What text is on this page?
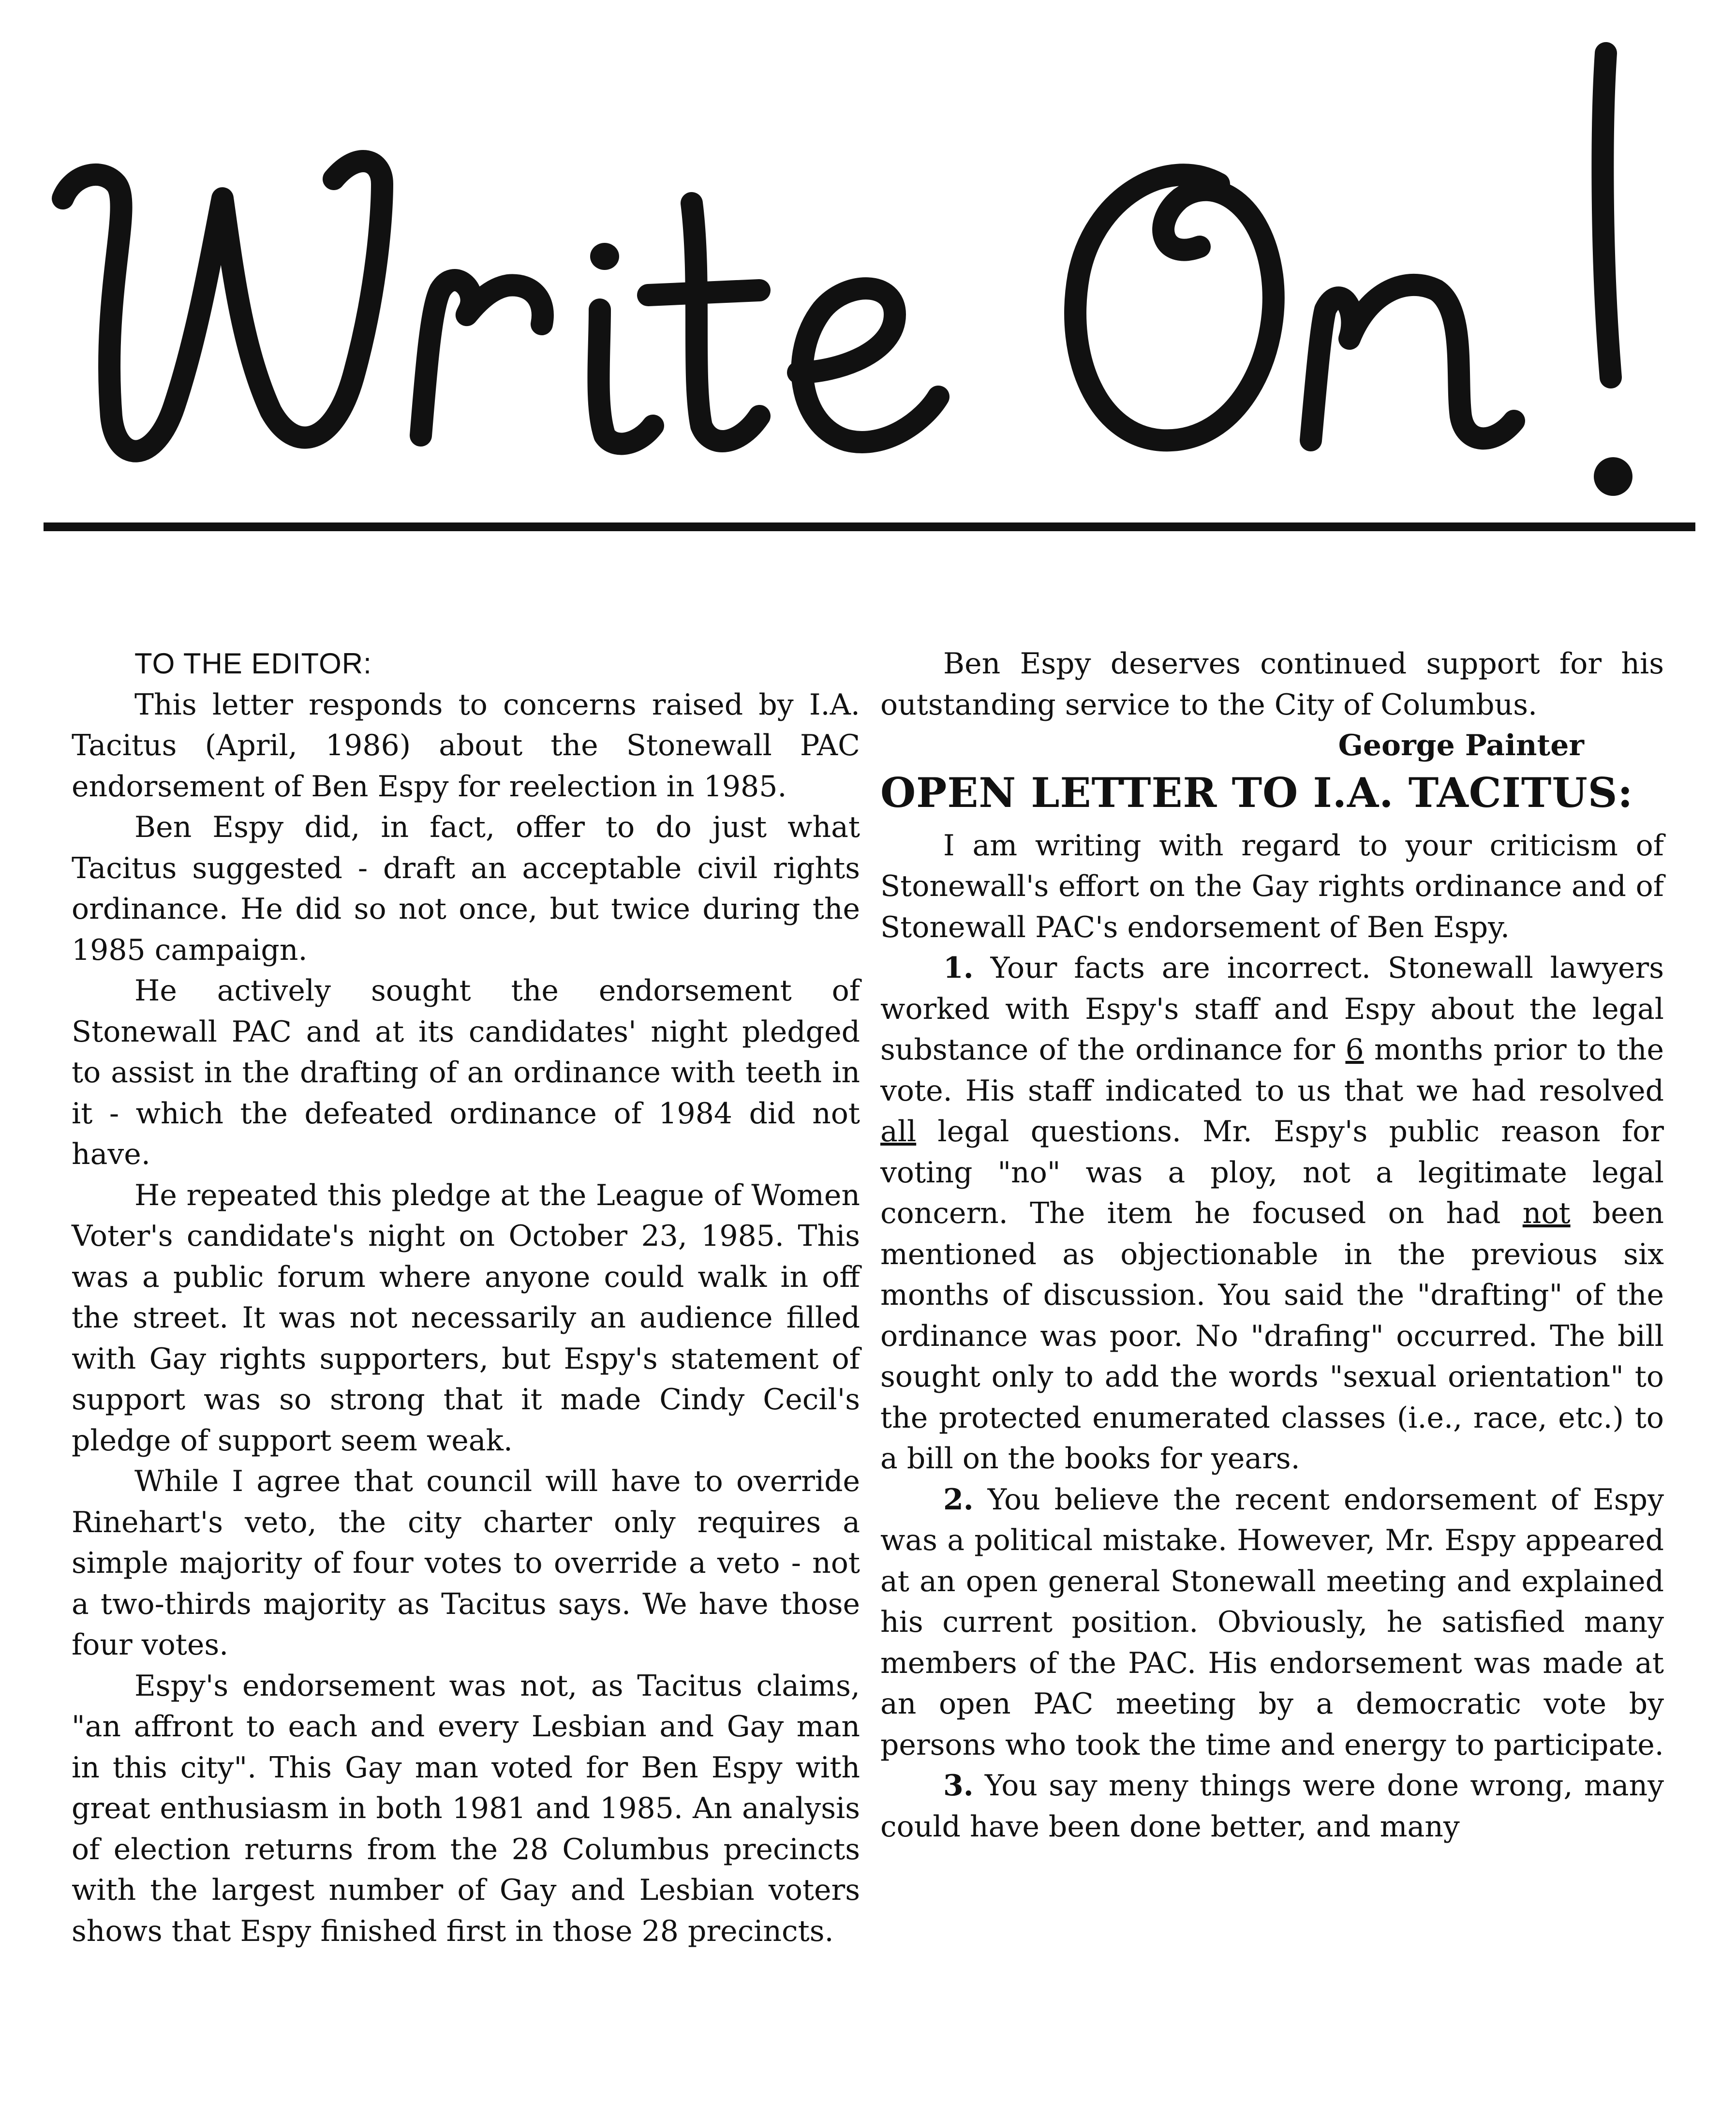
TO THE EDITOR:

This letter responds to concerns raised by I.A. Tacitus (April, 1986) about the Stonewall PAC endorsement of Ben Espy for reelection in 1985.

Ben Espy did, in fact, offer to do just what Tacitus suggested - draft an acceptable civil rights ordinance. He did so not once, but twice during the 1985 campaign.

He actively sought the endorsement of Stonewall PAC and at its candidates' night pledged to assist in the drafting of an ordinance with teeth in it - which the defeated ordinance of 1984 did not have.

He repeated this pledge at the League of Women Voter's candidate's night on October 23, 1985. This was a public forum where anyone could walk in off the street. It was not necessarily an audience filled with Gay rights supporters, but Espy's statement of support was so strong that it made Cindy Cecil's pledge of support seem weak.

While I agree that council will have to override Rinehart's veto, the city charter only requires a simple majority of four votes to override a veto - not a two-thirds majority as Tacitus says. We have those four votes.

Espy's endorsement was not, as Tacitus claims, "an affront to each and every Lesbian and Gay man in this city". This Gay man voted for Ben Espy with great enthusiasm in both 1981 and 1985. An analysis of election returns from the 28 Columbus precincts with the largest number of Gay and Lesbian voters shows that Espy finished first in those 28 precincts.

Ben Espy deserves continued support for his outstanding service to the City of Columbus.

George Painter

OPEN LETTER TO I.A. TACITUS:

I am writing with regard to your criticism of Stonewall's effort on the Gay rights ordinance and of Stonewall PAC's endorsement of Ben Espy.

1. Your facts are incorrect. Stonewall lawyers worked with Espy's staff and Espy about the legal substance of the ordinance for 6 months prior to the vote. His staff indicated to us that we had resolved all legal questions. Mr. Espy's public reason for voting "no" was a ploy, not a legitimate legal concern. The item he focused on had not been mentioned as objectionable in the previous six months of discussion. You said the "drafting" of the ordinance was poor. No "drafing" occurred. The bill sought only to add the words "sexual orientation" to the protected enumerated classes (i.e., race, etc.) to a bill on the books for years.

2. You believe the recent endorsement of Espy was a political mistake. However, Mr. Espy appeared at an open general Stonewall meeting and explained his current position. Obviously, he satisfied many members of the PAC. His endorsement was made at an open PAC meeting by a democratic vote by persons who took the time and energy to participate.

3. You say meny things were done wrong, many could have been done better, and many
